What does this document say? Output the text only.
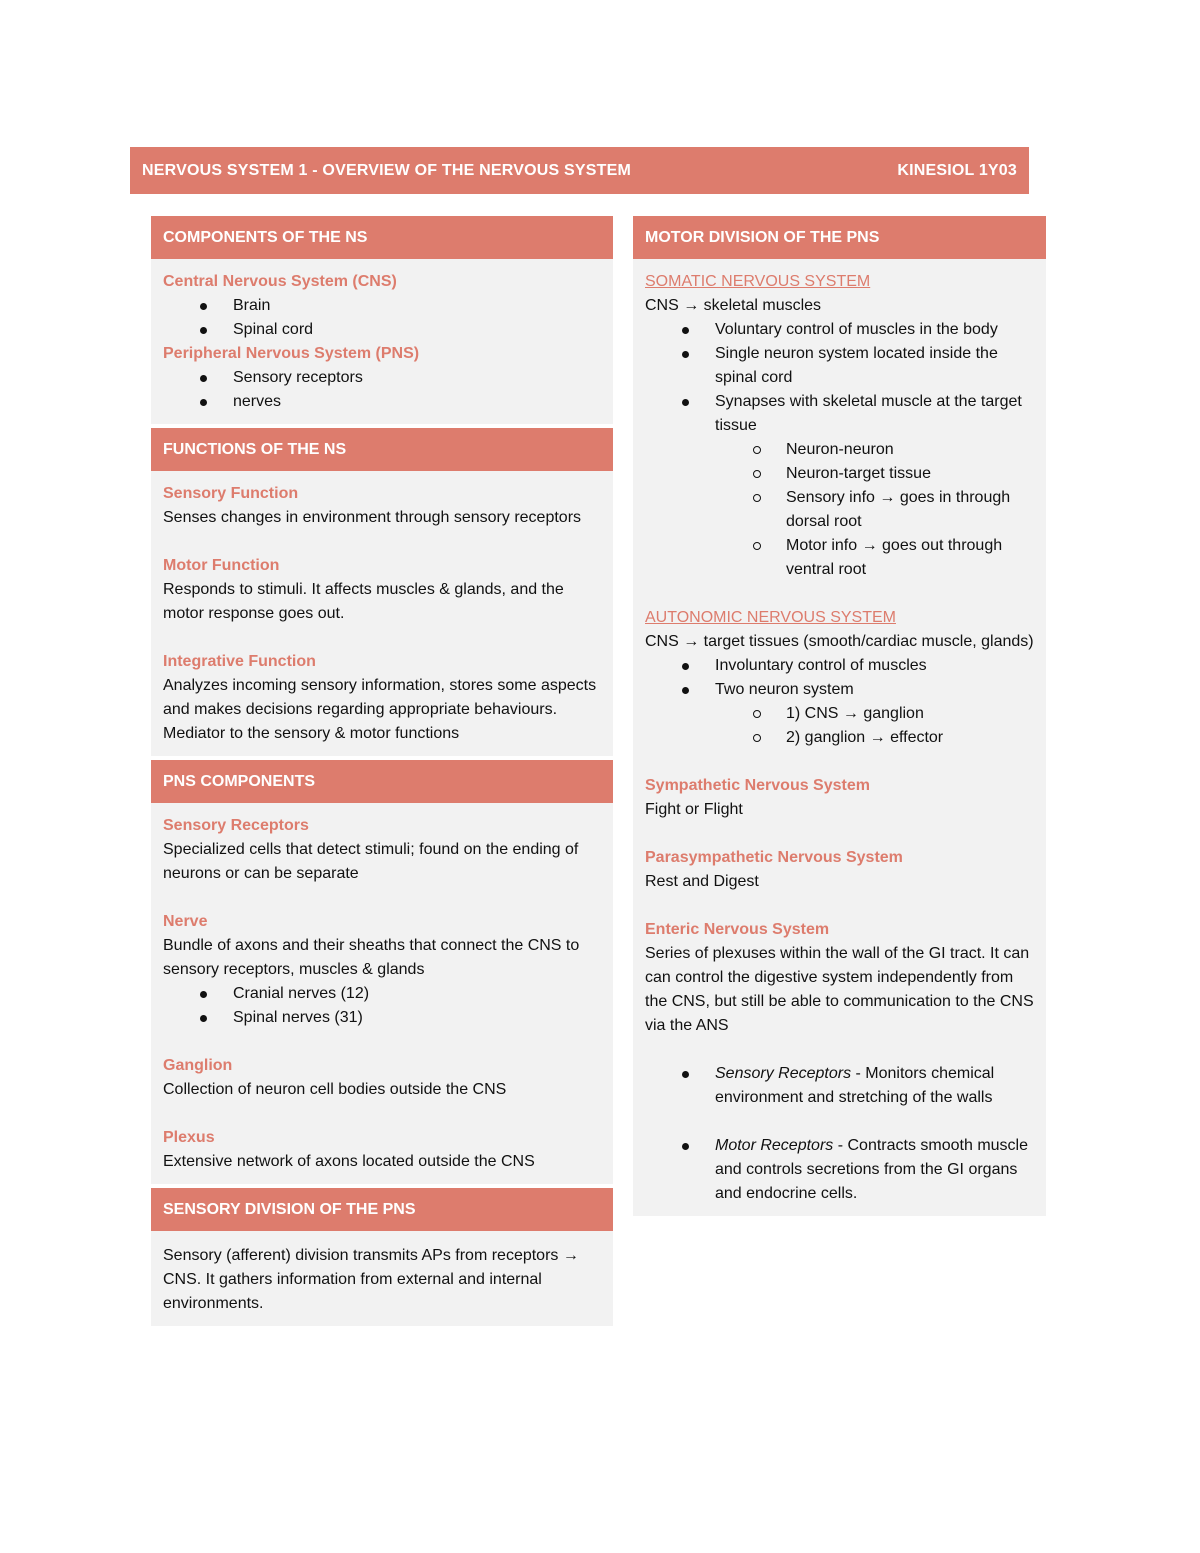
NERVOUS SYSTEM 1 - OVERVIEW OF THE NERVOUS SYSTEM	KINESIOL 1Y03
COMPONENTS OF THE NS
Central Nervous System (CNS)
Brain
Spinal cord
Peripheral Nervous System (PNS)
Sensory receptors
nerves
FUNCTIONS OF THE NS
Sensory Function
Senses changes in environment through sensory receptors
Motor Function
Responds to stimuli. It affects muscles & glands, and the motor response goes out.
Integrative Function
Analyzes incoming sensory information, stores some aspects and makes decisions regarding appropriate behaviours. Mediator to the sensory & motor functions
PNS COMPONENTS
Sensory Receptors
Specialized cells that detect stimuli; found on the ending of neurons or can be separate
Nerve
Bundle of axons and their sheaths that connect the CNS to sensory receptors, muscles & glands
Cranial nerves (12)
Spinal nerves (31)
Ganglion
Collection of neuron cell bodies outside the CNS
Plexus
Extensive network of axons located outside the CNS
SENSORY DIVISION OF THE PNS
Sensory (afferent) division transmits APs from receptors → CNS. It gathers information from external and internal environments.
MOTOR DIVISION OF THE PNS
SOMATIC NERVOUS SYSTEM
CNS → skeletal muscles
Voluntary control of muscles in the body
Single neuron system located inside the spinal cord
Synapses with skeletal muscle at the target tissue
Neuron-neuron
Neuron-target tissue
Sensory info → goes in through dorsal root
Motor info → goes out through ventral root
AUTONOMIC NERVOUS SYSTEM
CNS → target tissues (smooth/cardiac muscle, glands)
Involuntary control of muscles
Two neuron system
1) CNS → ganglion
2) ganglion → effector
Sympathetic Nervous System
Fight or Flight
Parasympathetic Nervous System
Rest and Digest
Enteric Nervous System
Series of plexuses within the wall of the GI tract. It can can control the digestive system independently from the CNS, but still be able to communication to the CNS via the ANS
Sensory Receptors - Monitors chemical environment and stretching of the walls
Motor Receptors - Contracts smooth muscle and controls secretions from the GI organs and endocrine cells.
